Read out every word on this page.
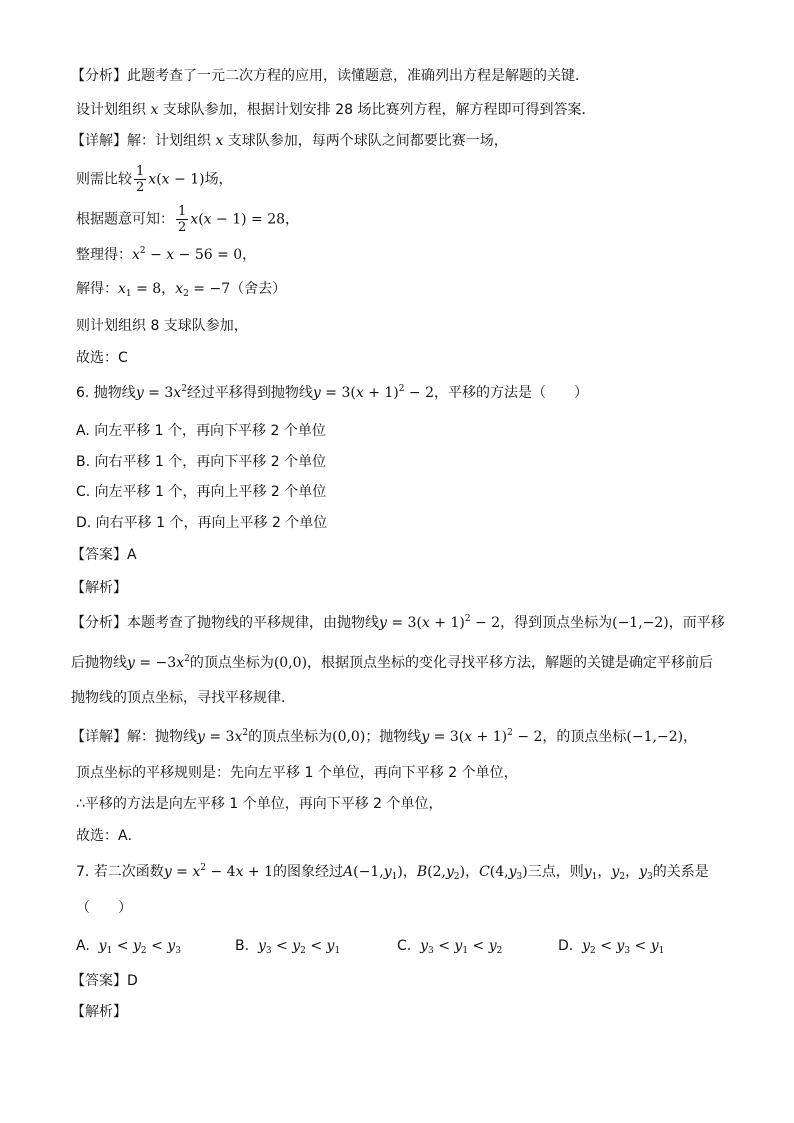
【分析】此题考查了一元二次方程的应用，读懂题意，准确列出方程是解题的关键．
设计划组织 x 支球队参加，根据计划安排 28 场比赛列方程，解方程即可得到答案．
【详解】解：计划组织 x 支球队参加，每两个球队之间都要比赛一场，
则需比较 $\frac{1}{2} x(x - 1)$场，
根据题意可知： $\frac{1}{2} x(x - 1) = 28$，
整理得：$x^2 - x - 56 = 0$，
解得：$x_1 = 8$，$x_2 = -7$（舍去）
则计划组织 8 支球队参加，
故选：C
6. 抛物线$y = 3x^2$经过平移得到抛物线$y = 3(x + 1)^2 - 2$，平移的方法是（　　）
A. 向左平移 1 个，再向下平移 2 个单位
B. 向右平移 1 个，再向下平移 2 个单位
C. 向左平移 1 个，再向上平移 2 个单位
D. 向右平移 1 个，再向上平移 2 个单位
【答案】A
【解析】
【分析】本题考查了抛物线的平移规律，由抛物线$y = 3(x + 1)^2 - 2$，得到顶点坐标为(−1,−2)，而平移
后抛物线$y = -3x^2$的顶点坐标为(0,0)，根据顶点坐标的变化寻找平移方法，解题的关键是确定平移前后
抛物线的顶点坐标，寻找平移规律．
【详解】解：抛物线$y = 3x^2$的顶点坐标为(0,0)；抛物线$y = 3(x + 1)^2 - 2$，的顶点坐标(−1,−2)，
顶点坐标的平移规则是：先向左平移 1 个单位，再向下平移 2 个单位，
∴平移的方法是向左平移 1 个单位，再向下平移 2 个单位，
故选：A．
7. 若二次函数$y = x^2 - 4x + 1$的图象经过$A(-1,y_1)$，$B(2,y_2)$，$C(4,y_3)$三点，则$y_1$，$y_2$，$y_3$的关系是
（　　）
A.  $y_1 < y_2 < y_3$	B.  $y_3 < y_2 < y_1$	C.  $y_3 < y_1 < y_2$	D.  $y_2 < y_3 < y_1$
【答案】D
【解析】
